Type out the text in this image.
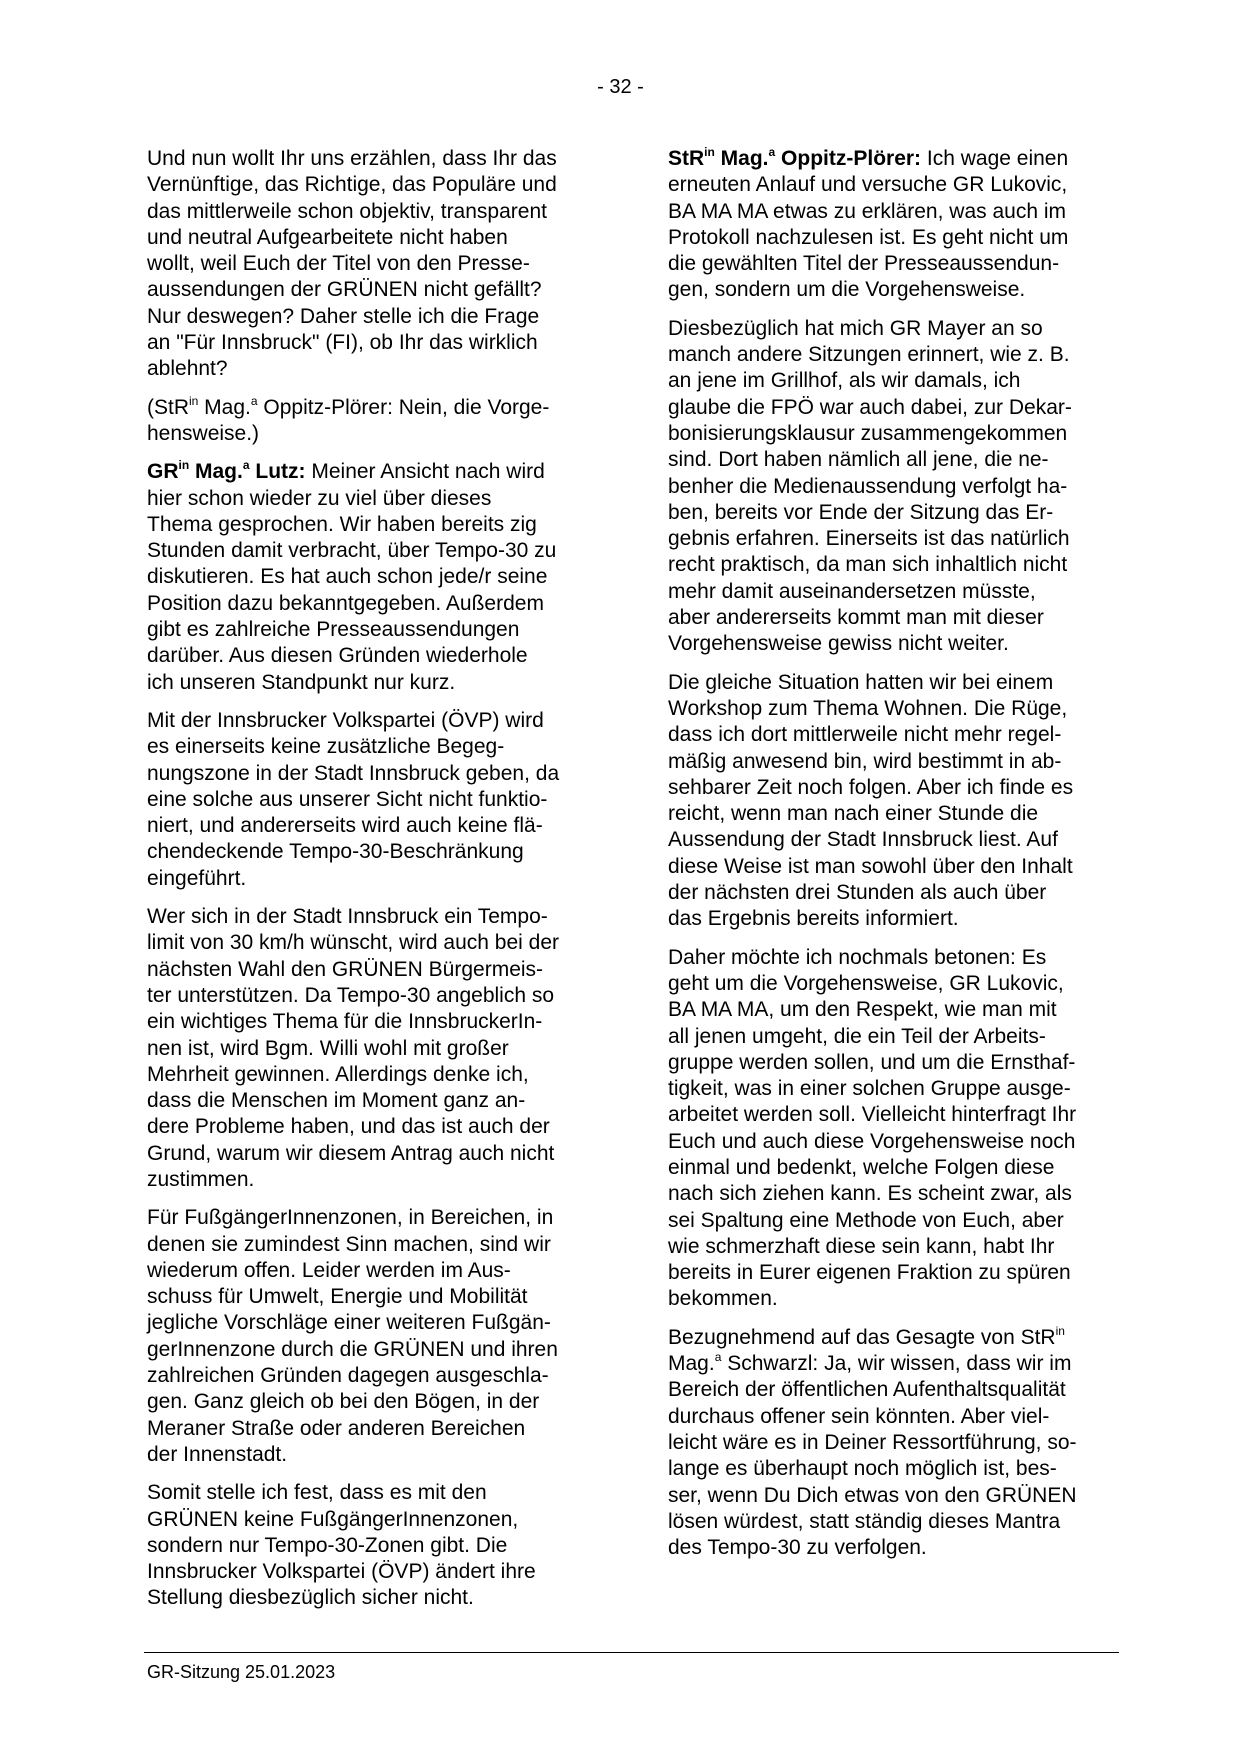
- 32 -

Und nun wollt Ihr uns erzählen, dass Ihr das
Vernünftige, das Richtige, das Populäre und
das mittlerweile schon objektiv, transparent
und neutral Aufgearbeitete nicht haben
wollt, weil Euch der Titel von den Presse-
aussendungen der GRÜNEN nicht gefällt?
Nur deswegen? Daher stelle ich die Frage
an "Für Innsbruck" (FI), ob Ihr das wirklich
ablehnt?

(StR$^{in}$ Mag.$^a$ Oppitz-Plörer: Nein, die Vorge-
hensweise.)

$GR^{in}$ Mag.$^a$ Lutz: Meiner Ansicht nach wird
hier schon wieder zu viel über dieses
Thema gesprochen. Wir haben bereits zig
Stunden damit verbracht, über Tempo-30 zu
diskutieren. Es hat auch schon jede/r seine
Position dazu bekanntgegeben. Außerdem
gibt es zahlreiche Presseaussendungen
darüber. Aus diesen Gründen wiederhole
ich unseren Standpunkt nur kurz.

Mit der Innsbrucker Volkspartei (ÖVP) wird
es einerseits keine zusätzliche Begeg-
nungszone in der Stadt Innsbruck geben, da
eine solche aus unserer Sicht nicht funktio-
niert, und andererseits wird auch keine flä-
chendeckende Tempo-30-Beschränkung
eingeführt.

Wer sich in der Stadt Innsbruck ein Tempo-
limit von 30 km/h wünscht, wird auch bei der
nächsten Wahl den GRÜNEN Bürgermeis-
ter unterstützen. Da Tempo-30 angeblich so
ein wichtiges Thema für die InnsbruckerIn-
nen ist, wird Bgm. Willi wohl mit großer
Mehrheit gewinnen. Allerdings denke ich,
dass die Menschen im Moment ganz an-
dere Probleme haben, und das ist auch der
Grund, warum wir diesem Antrag auch nicht
zustimmen.

Für FußgängerInnenzonen, in Bereichen, in
denen sie zumindest Sinn machen, sind wir
wiederum offen. Leider werden im Aus-
schuss für Umwelt, Energie und Mobilität
jegliche Vorschläge einer weiteren Fußgän-
gerInnenzone durch die GRÜNEN und ihren
zahlreichen Gründen dagegen ausgeschla-
gen. Ganz gleich ob bei den Bögen, in der
Meraner Straße oder anderen Bereichen
der Innenstadt.

Somit stelle ich fest, dass es mit den
GRÜNEN keine FußgängerInnenzonen,
sondern nur Tempo-30-Zonen gibt. Die
Innsbrucker Volkspartei (ÖVP) ändert ihre
Stellung diesbezüglich sicher nicht.

StR$^{in}$ Mag.$^a$ Oppitz-Plörer: Ich wage einen
erneuten Anlauf und versuche GR Lukovic,
BA MA MA etwas zu erklären, was auch im
Protokoll nachzulesen ist. Es geht nicht um
die gewählten Titel der Presseaussendun-
gen, sondern um die Vorgehensweise.

Diesbezüglich hat mich GR Mayer an so
manch andere Sitzungen erinnert, wie z. B.
an jene im Grillhof, als wir damals, ich
glaube die FPÖ war auch dabei, zur Dekar-
bonisierungsklausur zusammengekommen
sind. Dort haben nämlich all jene, die ne-
benher die Medienaussendung verfolgt ha-
ben, bereits vor Ende der Sitzung das Er-
gebnis erfahren. Einerseits ist das natürlich
recht praktisch, da man sich inhaltlich nicht
mehr damit auseinandersetzen müsste,
aber andererseits kommt man mit dieser
Vorgehensweise gewiss nicht weiter.

Die gleiche Situation hatten wir bei einem
Workshop zum Thema Wohnen. Die Rüge,
dass ich dort mittlerweile nicht mehr regel-
mäßig anwesend bin, wird bestimmt in ab-
sehbarer Zeit noch folgen. Aber ich finde es
reicht, wenn man nach einer Stunde die
Aussendung der Stadt Innsbruck liest. Auf
diese Weise ist man sowohl über den Inhalt
der nächsten drei Stunden als auch über
das Ergebnis bereits informiert.

Daher möchte ich nochmals betonen: Es
geht um die Vorgehensweise, GR Lukovic,
BA MA MA, um den Respekt, wie man mit
all jenen umgeht, die ein Teil der Arbeits-
gruppe werden sollen, und um die Ernsthaf-
tigkeit, was in einer solchen Gruppe ausge-
arbeitet werden soll. Vielleicht hinterfragt Ihr
Euch und auch diese Vorgehensweise noch
einmal und bedenkt, welche Folgen diese
nach sich ziehen kann. Es scheint zwar, als
sei Spaltung eine Methode von Euch, aber
wie schmerzhaft diese sein kann, habt Ihr
bereits in Eurer eigenen Fraktion zu spüren
bekommen.

Bezugnehmend auf das Gesagte von StR$^{in}$
Mag.$^a$ Schwarzl: Ja, wir wissen, dass wir im
Bereich der öffentlichen Aufenthaltsqualität
durchaus offener sein könnten. Aber viel-
leicht wäre es in Deiner Ressortführung, so-
lange es überhaupt noch möglich ist, bes-
ser, wenn Du Dich etwas von den GRÜNEN
lösen würdest, statt ständig dieses Mantra
des Tempo-30 zu verfolgen.

GR-Sitzung 25.01.2023
